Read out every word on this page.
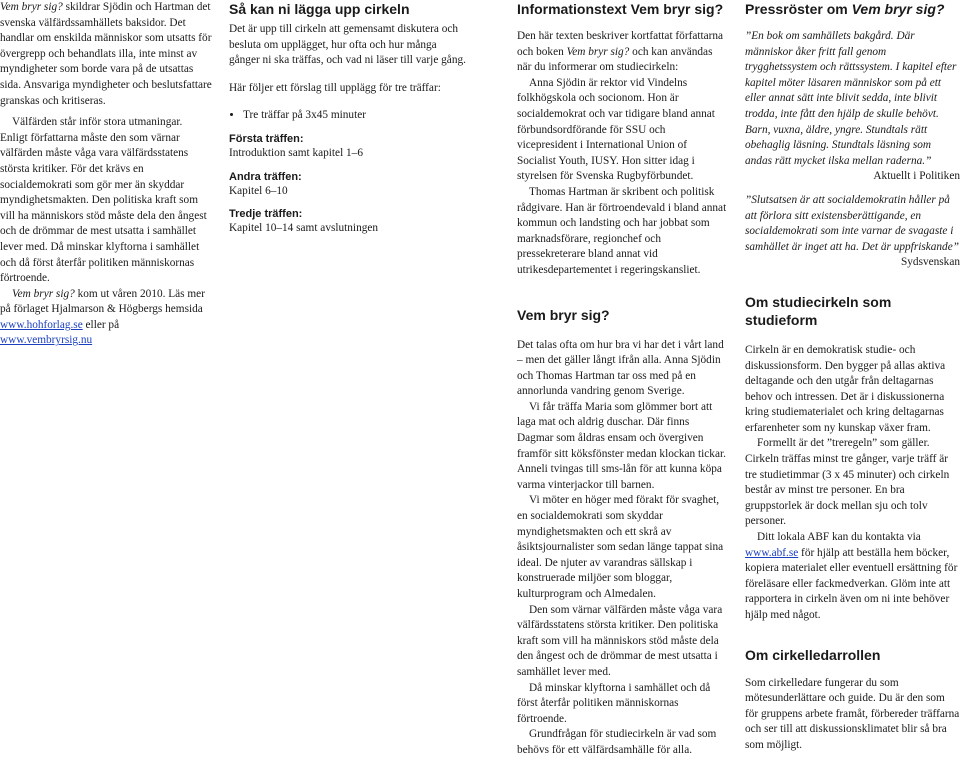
Vem bryr sig? skildrar Sjödin och Hartman det svenska välfärdssamhällets baksidor. Det handlar om enskilda människor som utsatts för övergrepp och behandlats illa, inte minst av myndigheter som borde vara på de utsattas sida. Ansvariga myndigheter och beslutsfattare granskas och kritiseras.

Välfärden står inför stora utmaningar. Enligt författarna måste den som värnar välfärden måste våga vara välfärdsstatens största kritiker. För det krävs en socialdemokrati som gör mer än skyddar myndighetsmakten. Den politiska kraft som vill ha människors stöd måste dela den ångest och de drömmar de mest utsatta i samhället lever med. Då minskar klyftorna i samhället och då först återfår politiken människornas förtroende.

Vem bryr sig? kom ut våren 2010. Läs mer på förlaget Hjalmarson & Högbergs hemsida www.hohforlag.se eller på www.vembryrsig.nu

Så kan ni lägga upp cirkeln

Det är upp till cirkeln att gemensamt diskutera och besluta om upplägget, hur ofta och hur många gånger ni ska träffas, och vad ni läser till varje gång.

Här följer ett förslag till upplägg för tre träffar:

• Tre träffar på 3x45 minuter

Första träffen:

Introduktion samt kapitel 1–6

Andra träffen:

Kapitel 6–10

Tredje träffen:

Kapitel 10–14 samt avslutningen

Informationstext Vem bryr sig?

Den här texten beskriver kortfattat författarna och boken Vem bryr sig? och kan användas när du informerar om studiecirkeln:

Anna Sjödin är rektor vid Vindelns folkhögskola och socionom. Hon är socialdemokrat och var tidigare bland annat förbundsordförande för SSU och vicepresident i International Union of Socialist Youth, IUSY. Hon sitter idag i styrelsen för Svenska Rugbyförbundet.

Thomas Hartman är skribent och politisk rådgivare. Han är förtroendevald i bland annat kommun och landsting och har jobbat som marknadsförare, regionchef och pressekreterare bland annat vid utrikesdepartementet i regeringskansliet.

Vem bryr sig?

Det talas ofta om hur bra vi har det i vårt land – men det gäller långt ifrån alla. Anna Sjödin och Thomas Hartman tar oss med på en annorlunda vandring genom Sverige.

Vi får träffa Maria som glömmer bort att laga mat och aldrig duschar. Där finns Dagmar som åldras ensam och övergiven framför sitt köksfönster medan klockan tickar. Anneli tvingas till sms-lån för att kunna köpa varma vinterjackor till barnen.

Vi möter en höger med förakt för svaghet, en socialdemokrati som skyddar myndighetsmakten och ett skrå av åsiktsjournalister som sedan länge tappat sina ideal. De njuter av varandras sällskap i konstruerade miljöer som bloggar, kulturprogram och Almedalen.

Den som värnar välfärden måste våga vara välfärdsstatens största kritiker. Den politiska kraft som vill ha människors stöd måste dela den ångest och de drömmar de mest utsatta i samhället lever med.

Då minskar klyftorna i samhället och då först återfår politiken människornas förtroende.

Grundfrågan för studiecirkeln är vad som behövs för ett välfärdsamhälle för alla.

Pressröster om Vem bryr sig?

”En bok om samhällets bakgård. Där människor åker fritt fall genom trygghetssystem och rättssystem. I kapitel efter kapitel möter läsaren människor som på ett eller annat sätt inte blivit sedda, inte blivit trodda, inte fått den hjälp de skulle behövt. Barn, vuxna, äldre, yngre. Stundtals rätt obehaglig läsning. Stundtals läsning som andas rätt mycket ilska mellan raderna.”

Aktuellt i Politiken

”Slutsatsen är att socialdemokratin håller på att förlora sitt existensberättigande, en socialdemokrati som inte varnar de svagaste i samhället är inget att ha. Det är uppfriskande”

Sydsvenskan

Om studiecirkeln som studieform

Cirkeln är en demokratisk studie- och diskussionsform. Den bygger på allas aktiva deltagande och den utgår från deltagarnas behov och intressen. Det är i diskussionerna kring studiematerialet och kring deltagarnas erfarenheter som ny kunskap växer fram.

Formellt är det ”treregeln” som gäller. Cirkeln träffas minst tre gånger, varje träff är tre studietimmar (3 x 45 minuter) och cirkeln består av minst tre personer. En bra gruppstorlek är dock mellan sju och tolv personer.

Ditt lokala ABF kan du kontakta via www.abf.se för hjälp att beställa hem böcker, kopiera materialet eller eventuell ersättning för föreläsare eller fackmedverkan. Glöm inte att rapportera in cirkeln även om ni inte behöver hjälp med något.

Om cirkelledarrollen

Som cirkelledare fungerar du som mötesunderlättare och guide. Du är den som för gruppens arbete framåt, förbereder träffarna och ser till att diskussionsklimatet blir så bra som möjligt.
